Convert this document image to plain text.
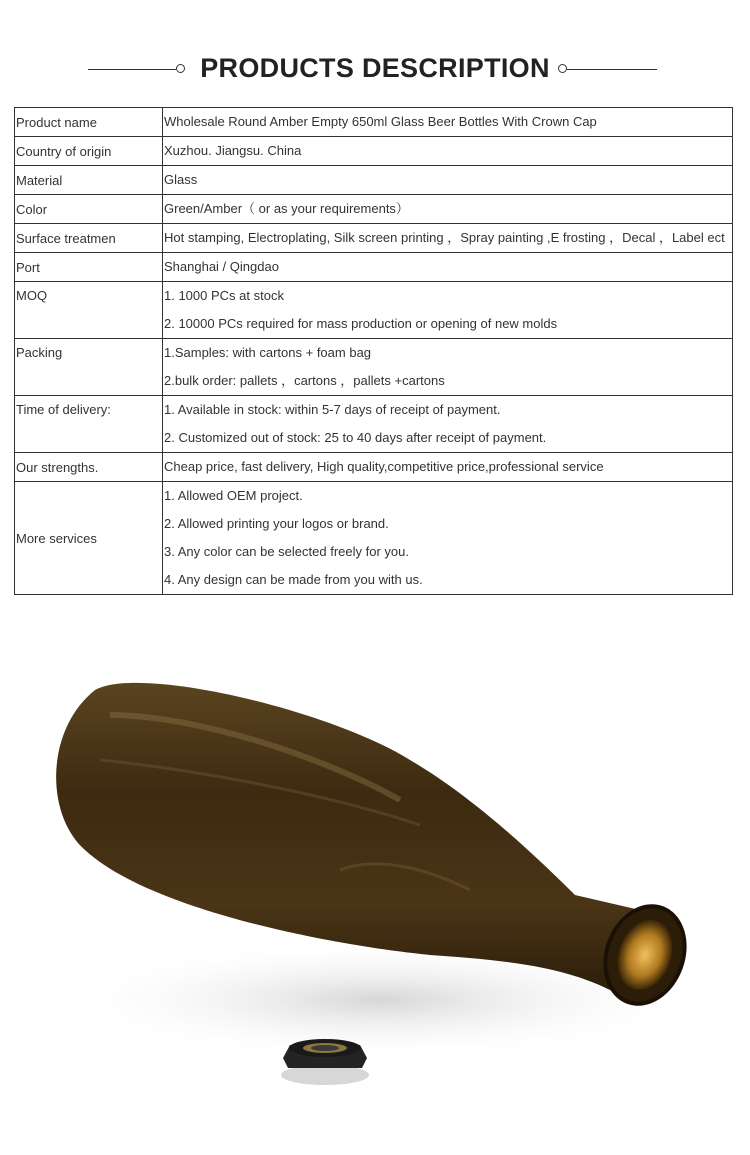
PRODUCTS DESCRIPTION
Product name	Wholesale Round Amber Empty 650ml Glass Beer Bottles With Crown Cap

Country of origin	Xuzhou. Jiangsu. China

Material	Glass

Color	Green/Amber（ or as your requirements）

Surface treatmen	Hot stamping, Electroplating, Silk screen printing ，Spray painting ,E frosting ，Decal ，Label ect

Port	Shanghai / Qingdao

MOQ	1. 1000 PCs at stock
2. 10000 PCs required for mass production or opening of new molds

Packing	1.Samples: with cartons + foam bag
2.bulk order: pallets ，cartons ，pallets +cartons

Time of delivery:	1. Available in stock: within 5-7 days of receipt of payment.
2. Customized out of stock: 25 to 40 days after receipt of payment.

Our strengths.	Cheap price, fast delivery, High quality,competitive price,professional service

More services	1. Allowed OEM project.
2. Allowed printing your logos or brand.
3. Any color can be selected freely for you.
4. Any design can be made from you with us.
